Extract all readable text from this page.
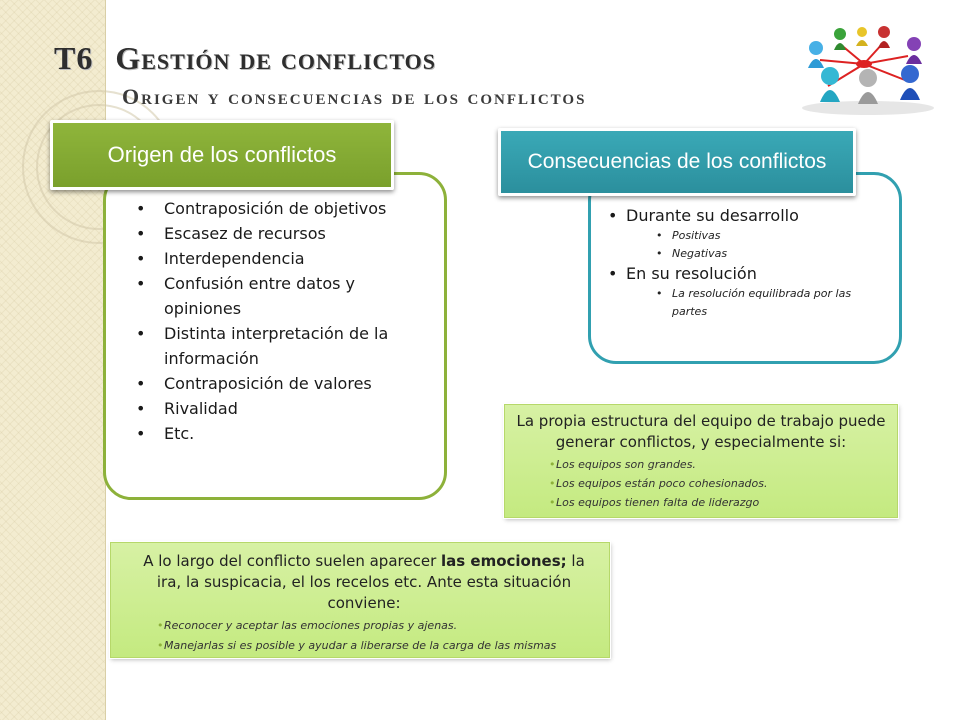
T6 Gestión de conflictos
Origen y consecuencias de los conflictos
Origen de los conflictos
• Contraposición de objetivos
• Escasez de recursos
• Interdependencia
• Confusión entre datos y opiniones
• Distinta interpretación de la información
• Contraposición de valores
• Rivalidad
• Etc.
Consecuencias de los conflictos
• Durante su desarrollo
• Positivas
• Negativas
• En su resolución
• La resolución equilibrada por las partes
La propia estructura del equipo de trabajo puede generar conflictos, y especialmente si:
• Los equipos son grandes.
• Los equipos están poco cohesionados.
• Los equipos tienen falta de liderazgo
A lo largo del conflicto suelen aparecer las emociones; la ira, la suspicacia, el los recelos etc. Ante esta situación conviene:
• Reconocer y aceptar las emociones propias y ajenas.
• Manejarlas si es posible y ayudar a liberarse de la carga de las mismas
